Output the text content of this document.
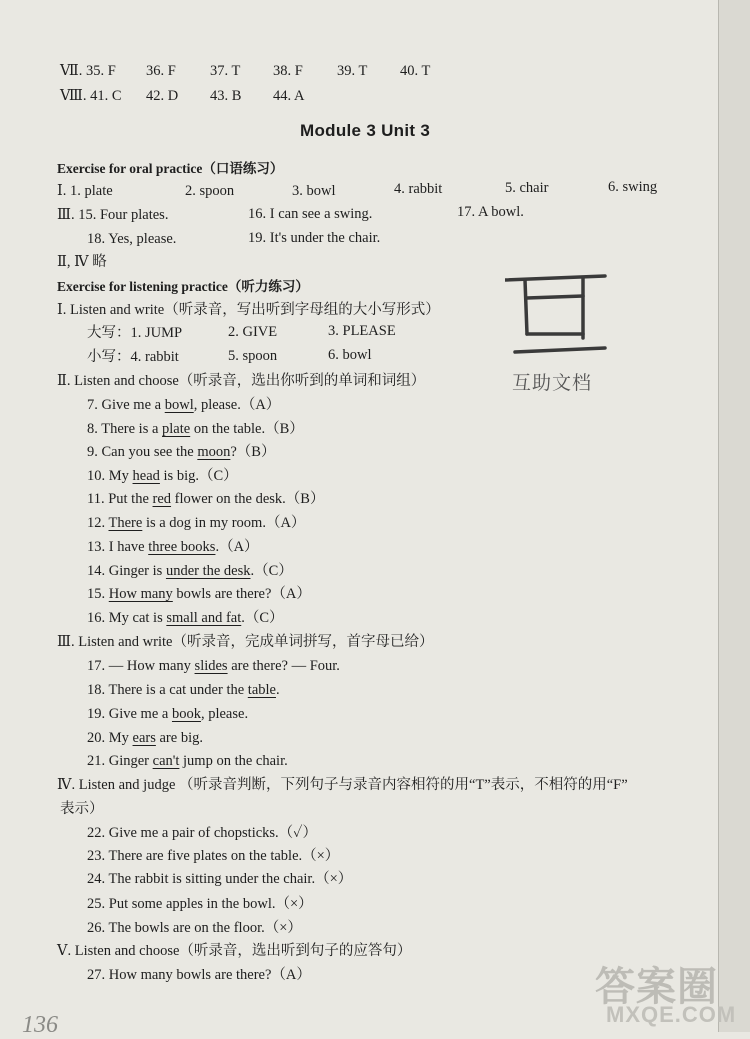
Ⅶ. 35. F 36. F 37. T 38. F 39. T 40. T
Ⅷ. 41. C 42. D 43. B 44. A
Module 3 Unit 3
Exercise for oral practice（口语练习）
Ⅰ. 1. plate	2. spoon	3. bowl	4. rabbit	5. chair	6. swing
Ⅲ. 15. Four plates.	16. I can see a swing.	17. A bowl.
18. Yes, please.	19. It's under the chair.
Ⅱ, Ⅳ 略
Exercise for listening practice（听力练习）
Ⅰ. Listen and write（听录音，写出听到字母组的大小写形式）
大写：1. JUMP	2. GIVE	3. PLEASE
小写：4. rabbit	5. spoon	6. bowl
Ⅱ. Listen and choose（听录音，选出你听到的单词和词组）
7. Give me a bowl, please.（A）
8. There is a plate on the table.（B）
9. Can you see the moon?（B）
10. My head is big.（C）
11. Put the red flower on the desk.（B）
12. There is a dog in my room.（A）
13. I have three books.（A）
14. Ginger is under the desk.（C）
15. How many bowls are there?（A）
16. My cat is small and fat.（C）
Ⅲ. Listen and write（听录音，完成单词拼写，首字母已给）
17. — How many slides are there? — Four.
18. There is a cat under the table.
19. Give me a book, please.
20. My ears are big.
21. Ginger can't jump on the chair.
Ⅳ. Listen and judge （听录音判断，下列句子与录音内容相符的用“T”表示，不相符的用“F”
表示）
22. Give me a pair of chopsticks.（✓）
23. There are five plates on the table.（×）
24. The rabbit is sitting under the chair.（×）
25. Put some apples in the bowl.（×）
26. The bowls are on the floor.（×）
Ⅴ. Listen and choose（听录音，选出听到句子的应答句）
27. How many bowls are there?（A）
互助文档
答案圈
MXQE.COM
136
